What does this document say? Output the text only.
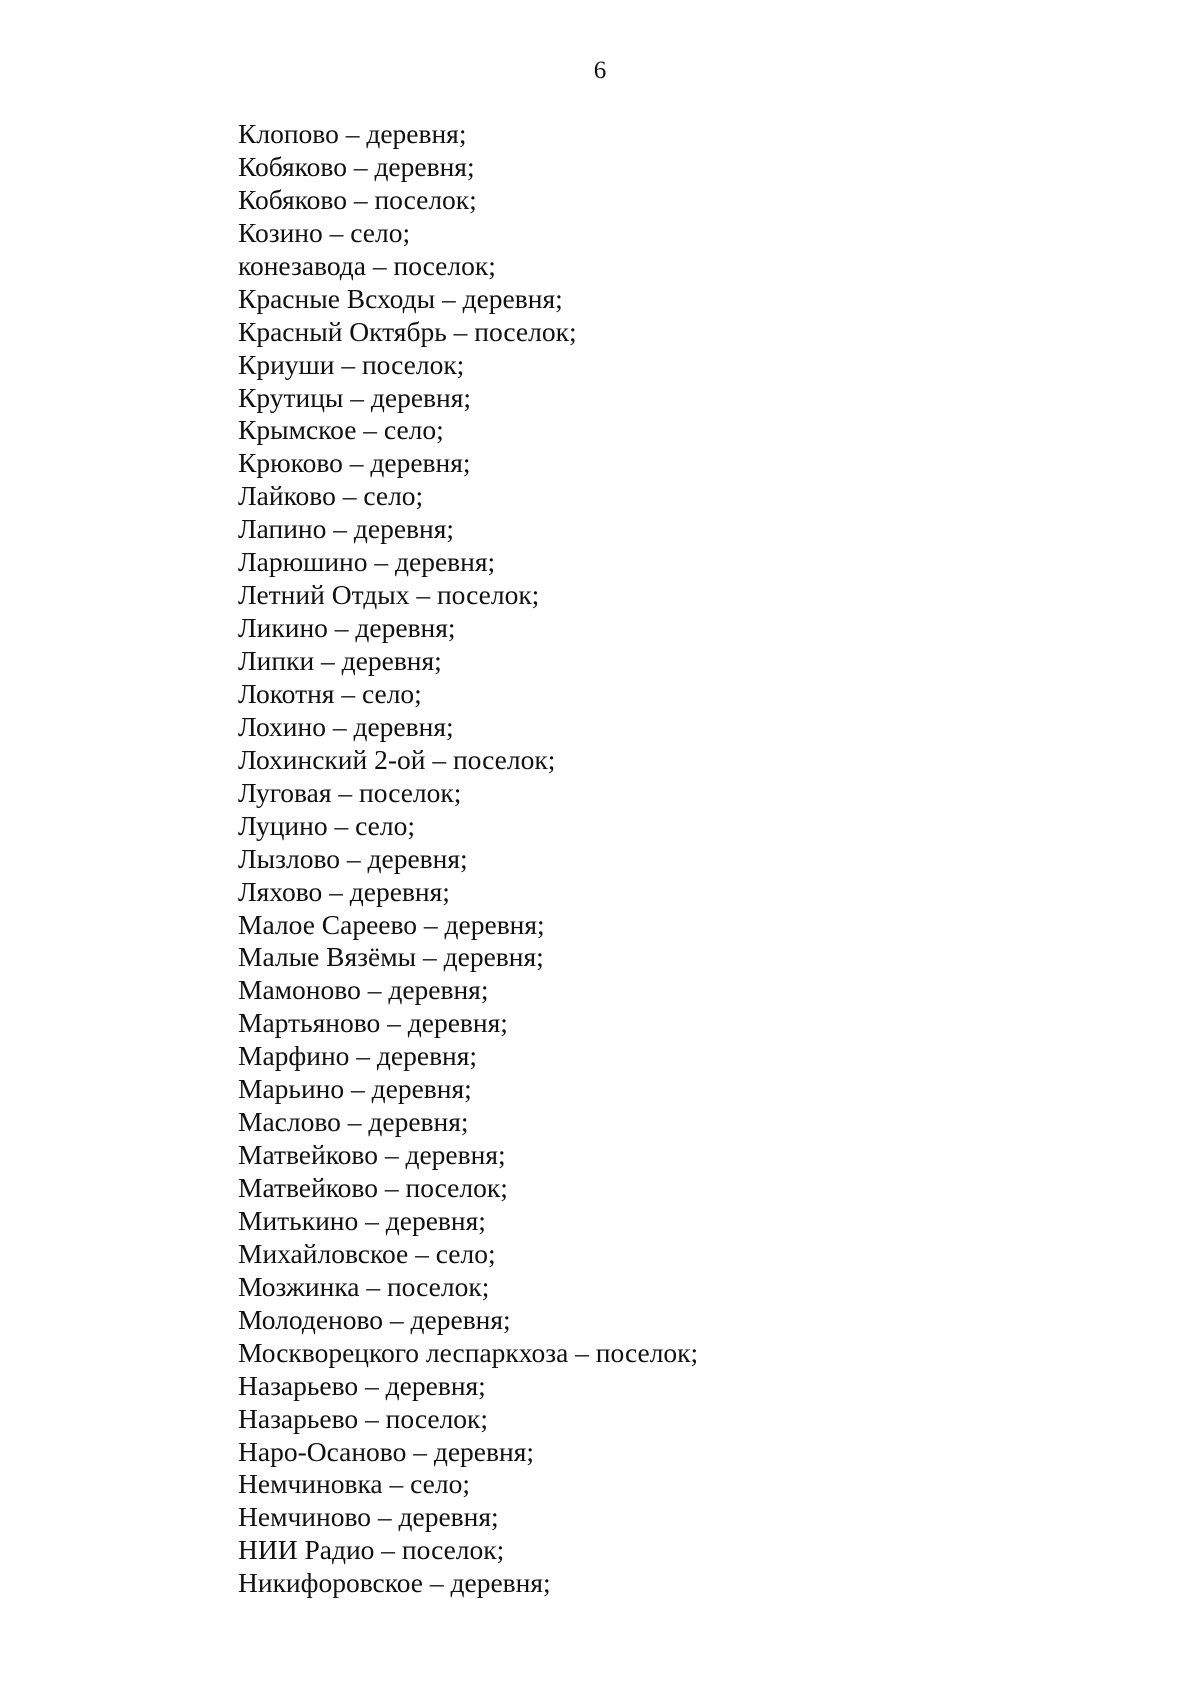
6
Клопово – деревня;
Кобяково – деревня;
Кобяково – поселок;
Козино – село;
конезавода – поселок;
Красные Всходы – деревня;
Красный Октябрь – поселок;
Криуши – поселок;
Крутицы – деревня;
Крымское – село;
Крюково – деревня;
Лайково – село;
Лапино – деревня;
Ларюшино – деревня;
Летний Отдых – поселок;
Ликино – деревня;
Липки – деревня;
Локотня – село;
Лохино – деревня;
Лохинский 2-ой – поселок;
Луговая – поселок;
Луцино – село;
Лызлово – деревня;
Ляхово – деревня;
Малое Сареево – деревня;
Малые Вязёмы – деревня;
Мамоново – деревня;
Мартьяново – деревня;
Марфино – деревня;
Марьино – деревня;
Маслово – деревня;
Матвейково – деревня;
Матвейково – поселок;
Митькино – деревня;
Михайловское – село;
Мозжинка – поселок;
Молоденово – деревня;
Москворецкого леспаркхоза – поселок;
Назарьево – деревня;
Назарьево – поселок;
Наро-Осаново – деревня;
Немчиновка – село;
Немчиново – деревня;
НИИ Радио – поселок;
Никифоровское – деревня;
